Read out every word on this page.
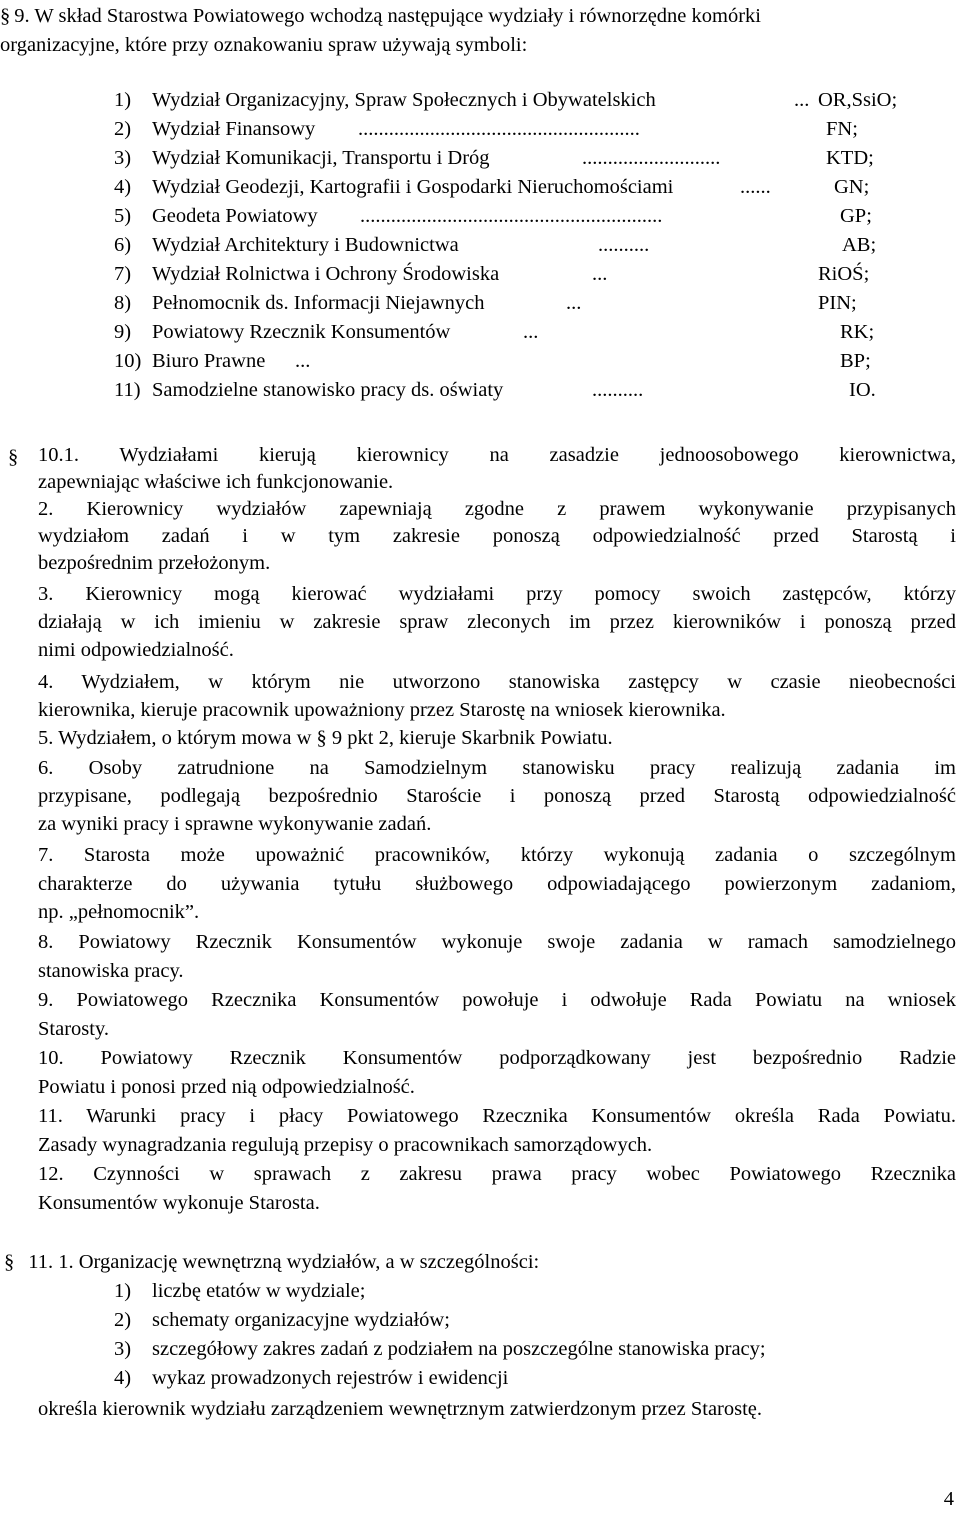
§ 9. W skład Starostwa Powiatowego wchodzą następujące wydziały i równorzędne komórki
organizacyjne, które przy oznakowaniu spraw używają symboli:
1) Wydział Organizacyjny, Spraw Społecznych i Obywatelskich	... OR,SsiO;
2) Wydział Finansowy .......................................................	FN;
3) Wydział Komunikacji, Transportu i Dróg	...........................	KTD;
4) Wydział Geodezji, Kartografii i Gospodarki Nieruchomościami	......	GN;
5) Geodeta Powiatowy ...........................................................	GP;
6) Wydział Architektury i Budownictwa	..........	AB;
7) Wydział Rolnictwa i Ochrony Środowiska	...	RiOŚ;
8) Pełnomocnik ds. Informacji Niejawnych	...	PIN;
9) Powiatowy Rzecznik Konsumentów	...	RK;
10) Biuro Prawne ...	BP;
11) Samodzielne stanowisko pracy ds. oświaty	..........	IO.
§ 10.1. Wydziałami kierują kierownicy na zasadzie jednoosobowego kierownictwa,
zapewniając właściwe ich funkcjonowanie.
2. Kierownicy wydziałów zapewniają zgodne z prawem wykonywanie przypisanych
wydziałom zadań i w tym zakresie ponoszą odpowiedzialność przed Starostą i
bezpośrednim przełożonym.
3. Kierownicy mogą kierować wydziałami przy pomocy swoich zastępców, którzy
działają w ich imieniu w zakresie spraw zleconych im przez kierowników i ponoszą przed
nimi odpowiedzialność.
4. Wydziałem, w którym nie utworzono stanowiska zastępcy w czasie nieobecności
kierownika, kieruje pracownik upoważniony przez Starostę na wniosek kierownika.
5. Wydziałem, o którym mowa w § 9 pkt 2, kieruje Skarbnik Powiatu.
6. Osoby zatrudnione na Samodzielnym stanowisku pracy realizują zadania im
przypisane, podlegają bezpośrednio Staroście i ponoszą przed Starostą odpowiedzialność
za wyniki pracy i sprawne wykonywanie zadań.
7. Starosta może upoważnić pracowników, którzy wykonują zadania o szczególnym
charakterze do używania tytułu służbowego odpowiadającego powierzonym zadaniom,
np. „pełnomocnik”.
8. Powiatowy Rzecznik Konsumentów wykonuje swoje zadania w ramach samodzielnego
stanowiska pracy.
9. Powiatowego Rzecznika Konsumentów powołuje i odwołuje Rada Powiatu na wniosek
Starosty.
10. Powiatowy Rzecznik Konsumentów podporządkowany jest bezpośrednio Radzie
Powiatu i ponosi przed nią odpowiedzialność.
11. Warunki pracy i płacy Powiatowego Rzecznika Konsumentów określa Rada Powiatu.
Zasady wynagradzania regulują przepisy o pracownikach samorządowych.
12. Czynności w sprawach z zakresu prawa pracy wobec Powiatowego Rzecznika
Konsumentów wykonuje Starosta.
§ 11. 1. Organizację wewnętrzną wydziałów, a w szczególności:
1) liczbę etatów w wydziale;
2) schematy organizacyjne wydziałów;
3) szczegółowy zakres zadań z podziałem na poszczególne stanowiska pracy;
4) wykaz prowadzonych rejestrów i ewidencji
określa kierownik wydziału zarządzeniem wewnętrznym zatwierdzonym przez Starostę.
4
